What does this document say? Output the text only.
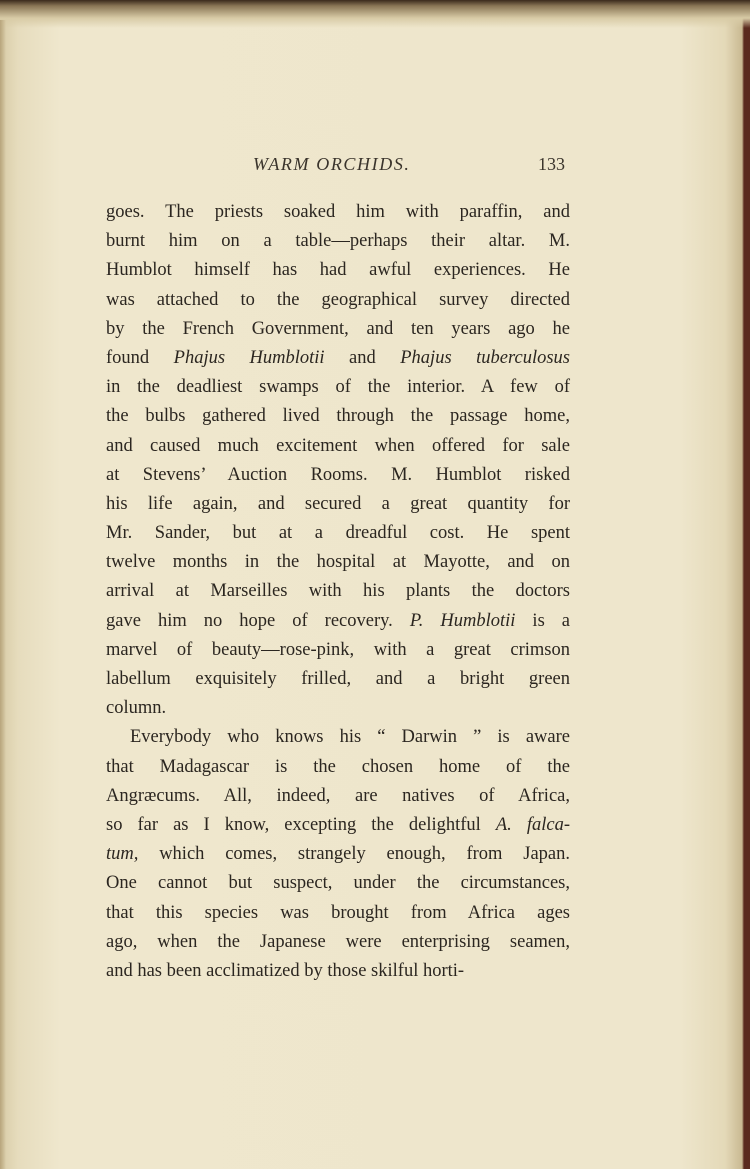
WARM ORCHIDS.	133
goes. The priests soaked him with paraffin, and
burnt him on a table—perhaps their altar. M.
Humblot himself has had awful experiences. He
was attached to the geographical survey directed
by the French Government, and ten years ago he
found Phajus Humblotii and Phajus tuberculosus
in the deadliest swamps of the interior. A few of
the bulbs gathered lived through the passage home,
and caused much excitement when offered for sale
at Stevens’ Auction Rooms. M. Humblot risked
his life again, and secured a great quantity for
Mr. Sander, but at a dreadful cost. He spent
twelve months in the hospital at Mayotte, and on
arrival at Marseilles with his plants the doctors
gave him no hope of recovery. P. Humblotii is a
marvel of beauty—rose-pink, with a great crimson
labellum exquisitely frilled, and a bright green
column.
Everybody who knows his “ Darwin ” is aware
that Madagascar is the chosen home of the
Angræcums. All, indeed, are natives of Africa,
so far as I know, excepting the delightful A. falca-
tum, which comes, strangely enough, from Japan.
One cannot but suspect, under the circumstances,
that this species was brought from Africa ages
ago, when the Japanese were enterprising seamen,
and has been acclimatized by those skilful horti-
